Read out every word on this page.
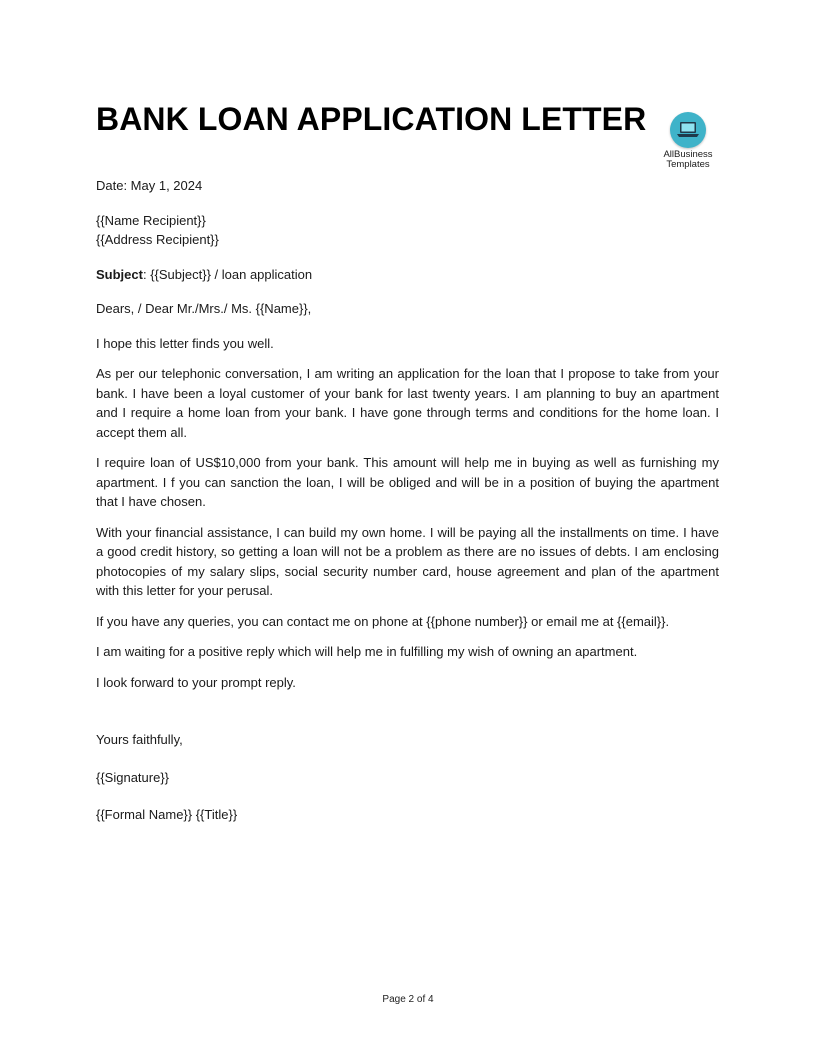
BANK LOAN APPLICATION LETTER
AllBusiness
Templates

Date: May 1, 2024

{{Name Recipient}}

{{Address Recipient}}

Subject: {{Subject}} / loan application

Dears, / Dear Mr./Mrs./ Ms. {{Name}},

I hope this letter finds you well.

As per our telephonic conversation, I am writing an application for the loan that I propose to take from your bank. I have been a loyal customer of your bank for last twenty years. I am planning to buy an apartment and I require a home loan from your bank. I have gone through terms and conditions for the home loan. I accept them all.

I require loan of US$10,000 from your bank. This amount will help me in buying as well as furnishing my apartment. I f you can sanction the loan, I will be obliged and will be in a position of buying the apartment that I have chosen.

With your financial assistance, I can build my own home. I will be paying all the installments on time. I have a good credit history, so getting a loan will not be a problem as there are no issues of debts. I am enclosing photocopies of my salary slips, social security number card, house agreement and plan of the apartment with this letter for your perusal.

If you have any queries, you can contact me on phone at {{phone number}} or email me at {{email}}.

I am waiting for a positive reply which will help me in fulfilling my wish of owning an apartment.

I look forward to your prompt reply.

Yours faithfully,

{{Signature}}

{{Formal Name}} {{Title}}

Page 2 of 4
